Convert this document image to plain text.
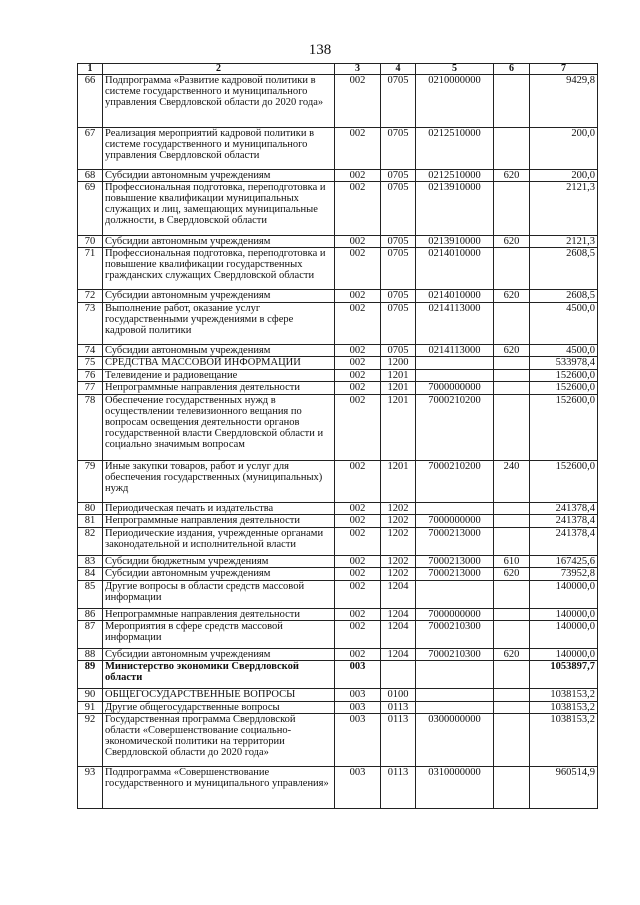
138
1	2	3	4	5	6	7
66	Подпрограмма «Развитие кадровой политики в системе государственного и муниципального управления Свердловской области до 2020 года»	002	0705	0210000000		9429,8
67	Реализация мероприятий кадровой политики в системе государственного и муниципального управления Свердловской области	002	0705	0212510000		200,0
68	Субсидии автономным учреждениям	002	0705	0212510000	620	200,0
69	Профессиональная подготовка, переподготовка и повышение квалификации муниципальных служащих и лиц, замещающих муниципальные должности, в Свердловской области	002	0705	0213910000		2121,3
70	Субсидии автономным учреждениям	002	0705	0213910000	620	2121,3
71	Профессиональная подготовка, переподготовка и повышение квалификации государственных гражданских служащих Свердловской области	002	0705	0214010000		2608,5
72	Субсидии автономным учреждениям	002	0705	0214010000	620	2608,5
73	Выполнение работ, оказание услуг государственными учреждениями в сфере кадровой политики	002	0705	0214113000		4500,0
74	Субсидии автономным учреждениям	002	0705	0214113000	620	4500,0
75	СРЕДСТВА МАССОВОЙ ИНФОРМАЦИИ	002	1200			533978,4
76	Телевидение и радиовещание	002	1201			152600,0
77	Непрограммные направления деятельности	002	1201	7000000000		152600,0
78	Обеспечение государственных нужд в осуществлении телевизионного вещания по вопросам освещения деятельности органов государственной власти Свердловской области и социально значимым вопросам	002	1201	7000210200		152600,0
79	Иные закупки товаров, работ и услуг для обеспечения государственных (муниципальных) нужд	002	1201	7000210200	240	152600,0
80	Периодическая печать и издательства	002	1202			241378,4
81	Непрограммные направления деятельности	002	1202	7000000000		241378,4
82	Периодические издания, учрежденные органами законодательной и исполнительной власти	002	1202	7000213000		241378,4
83	Субсидии бюджетным учреждениям	002	1202	7000213000	610	167425,6
84	Субсидии автономным учреждениям	002	1202	7000213000	620	73952,8
85	Другие вопросы в области средств массовой информации	002	1204			140000,0
86	Непрограммные направления деятельности	002	1204	7000000000		140000,0
87	Мероприятия в сфере средств массовой информации	002	1204	7000210300		140000,0
88	Субсидии автономным учреждениям	002	1204	7000210300	620	140000,0
89	Министерство экономики Свердловской области	003				1053897,7
90	ОБЩЕГОСУДАРСТВЕННЫЕ ВОПРОСЫ	003	0100			1038153,2
91	Другие общегосударственные вопросы	003	0113			1038153,2
92	Государственная программа Свердловской области «Совершенствование социально-экономической политики на территории Свердловской области до 2020 года»	003	0113	0300000000		1038153,2
93	Подпрограмма «Совершенствование государственного и муниципального управления»	003	0113	0310000000		960514,9
